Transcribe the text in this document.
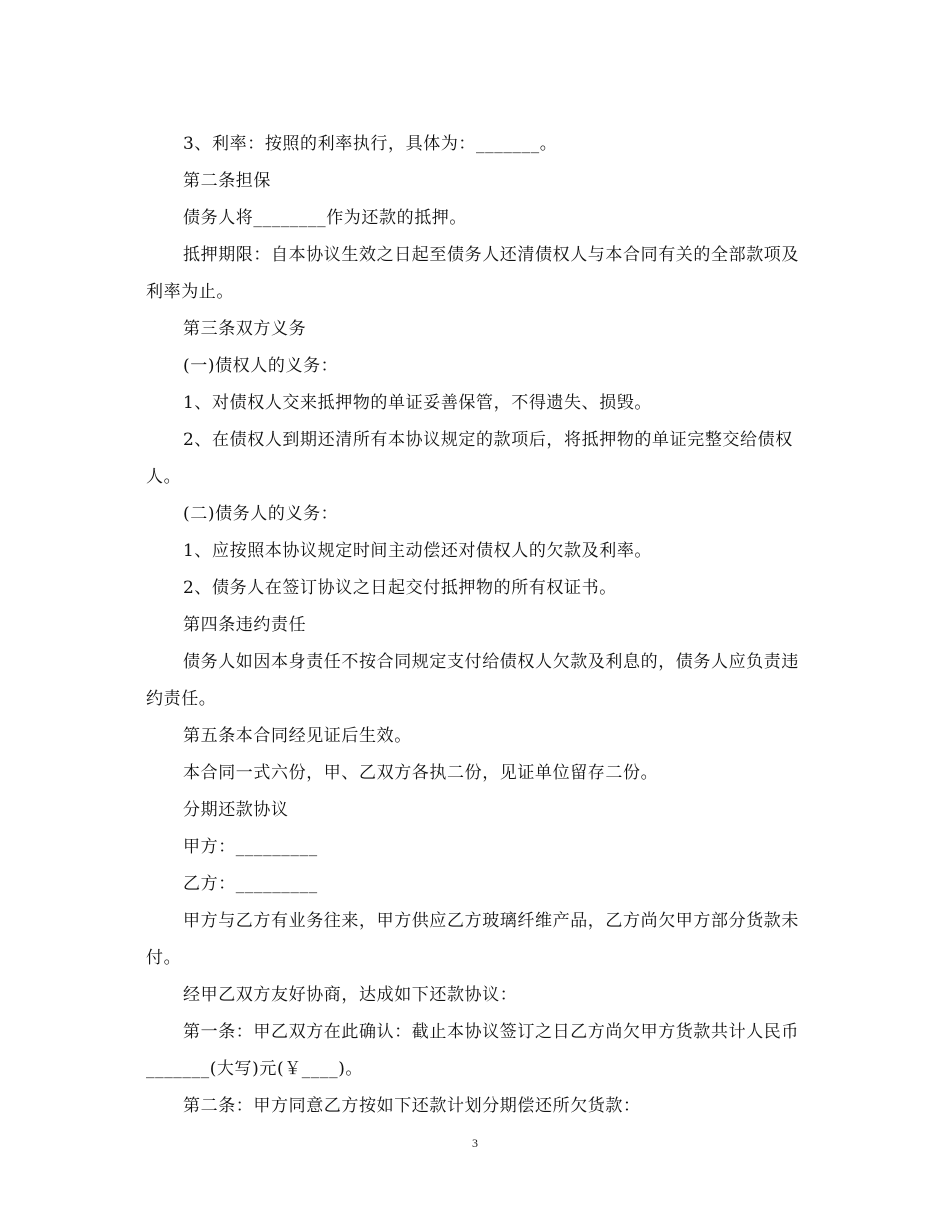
3、利率：按照的利率执行，具体为：_______。

第二条担保

债务人将________作为还款的抵押。

抵押期限：自本协议生效之日起至债务人还清债权人与本合同有关的全部款项及利率为止。

第三条双方义务

(一)债权人的义务：

1、对债权人交来抵押物的单证妥善保管，不得遗失、损毁。

2、在债权人到期还清所有本协议规定的款项后，将抵押物的单证完整交给债权人。

(二)债务人的义务：

1、应按照本协议规定时间主动偿还对债权人的欠款及利率。

2、债务人在签订协议之日起交付抵押物的所有权证书。

第四条违约责任

债务人如因本身责任不按合同规定支付给债权人欠款及利息的，债务人应负责违约责任。

第五条本合同经见证后生效。

本合同一式六份，甲、乙双方各执二份，见证单位留存二份。

分期还款协议

甲方：_________

乙方：_________

甲方与乙方有业务往来，甲方供应乙方玻璃纤维产品，乙方尚欠甲方部分货款未付。

经甲乙双方友好协商，达成如下还款协议：

第一条：甲乙双方在此确认：截止本协议签订之日乙方尚欠甲方货款共计人民币_______(大写)元(￥____)。

第二条：甲方同意乙方按如下还款计划分期偿还所欠货款：

3
